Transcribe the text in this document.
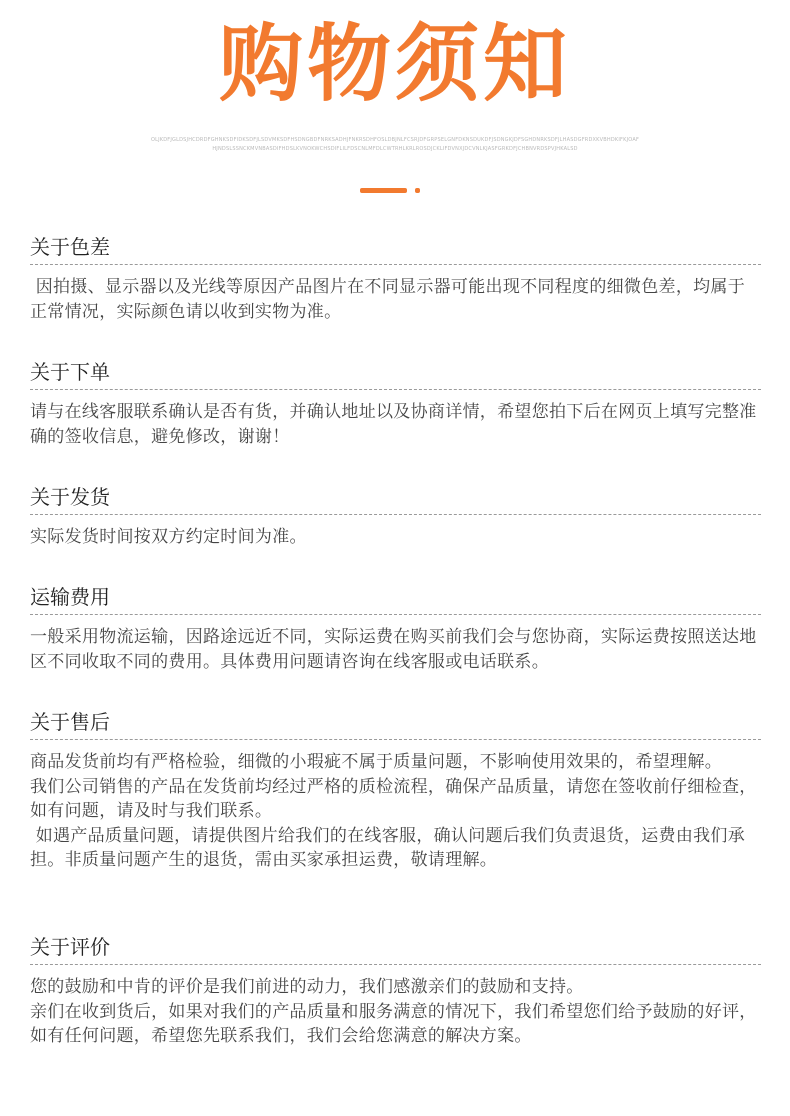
购物须知
OLJKDFJGLDSJHCDRDFGHNKSDFIDKSDFJLSDVMKSDFHSDNGBDFNRKSADHJFNKRSDHFOSLDBJNLFCSRJDFGRPSELGNFDKNSDUKDFJSDNGKJDFSGHDNRKSDFJLHASDGFRDXKVBHDKIFKJOAFHJNDSLSSNCKMVNBASDIFHDSLKVNOKWCHSDIFLILFDSCNLMFDLCWTRHLKRLROSDJCKLIFDVNXJDCVNLKJASFGRKDFJCHBNVRDSPVJHKALSD
关于色差

因拍摄、显示器以及光线等原因产品图片在不同显示器可能出现不同程度的细微色差，均属于正常情况，实际颜色请以收到实物为准。

关于下单

请与在线客服联系确认是否有货，并确认地址以及协商详情，希望您拍下后在网页上填写完整准确的签收信息，避免修改，谢谢！

关于发货

实际发货时间按双方约定时间为准。

运输费用

一般采用物流运输，因路途远近不同，实际运费在购买前我们会与您协商，实际运费按照送达地区不同收取不同的费用。具体费用问题请咨询在线客服或电话联系。

关于售后

商品发货前均有严格检验，细微的小瑕疵不属于质量问题，不影响使用效果的，希望理解。

我们公司销售的产品在发货前均经过严格的质检流程，确保产品质量，请您在签收前仔细检查，如有问题，请及时与我们联系。

如遇产品质量问题，请提供图片给我们的在线客服，确认问题后我们负责退货，运费由我们承担。非质量问题产生的退货，需由买家承担运费，敬请理解。

关于评价

您的鼓励和中肯的评价是我们前进的动力，我们感激亲们的鼓励和支持。

亲们在收到货后，如果对我们的产品质量和服务满意的情况下，我们希望您们给予鼓励的好评，如有任何问题，希望您先联系我们，我们会给您满意的解决方案。
